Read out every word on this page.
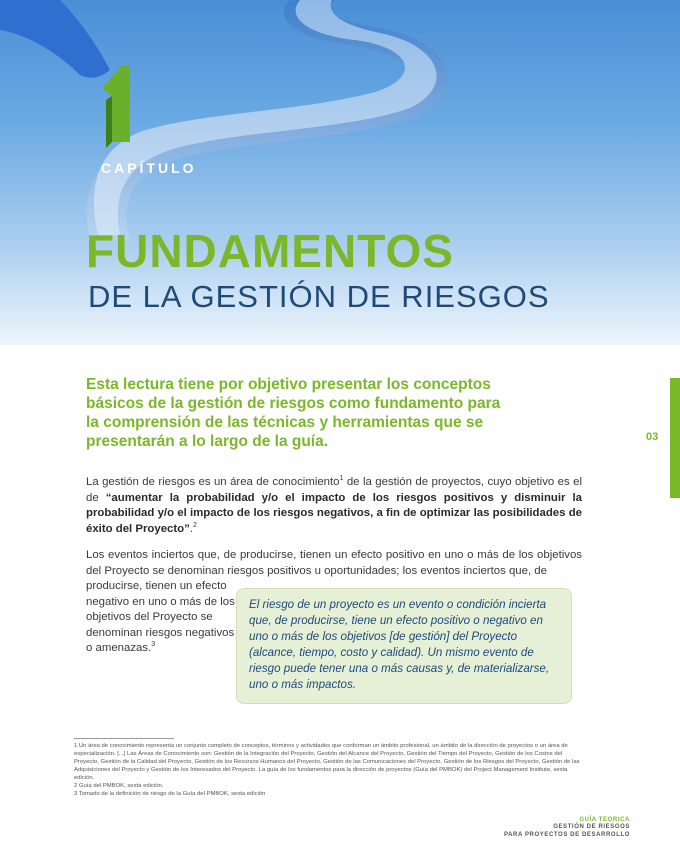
CAPÍTULO
FUNDAMENTOS
DE LA GESTIÓN DE RIESGOS
03
Esta lectura tiene por objetivo presentar los conceptos básicos de la gestión de riesgos como fundamento para la comprensión de las técnicas y herramientas que se presentarán a lo largo de la guía.
La gestión de riesgos es un área de conocimiento$^1$ de la gestión de proyectos, cuyo objetivo es el de “aumentar la probabilidad y/o el impacto de los riesgos positivos y disminuir la probabilidad y/o el impacto de los riesgos negativos, a fin de optimizar las posibilidades de éxito del Proyecto”.$^2$
Los eventos inciertos que, de producirse, tienen un efecto positivo en uno o más de los objetivos del Proyecto se denominan riesgos positivos u oportunidades; los eventos inciertos que, de
producirse, tienen un efecto negativo en uno o más de los objetivos del Proyecto se denominan riesgos negativos o amenazas.$^3$
El riesgo de un proyecto es un evento o condición incierta que, de producirse, tiene un efecto positivo o negativo en uno o más de los objetivos [de gestión] del Proyecto (alcance, tiempo, costo y calidad). Un mismo evento de riesgo puede tener una o más causas y, de materializarse, uno o más impactos.
1 Un área de conocimiento representa un conjunto completo de conceptos, términos y actividades que conforman un ámbito profesional, un ámbito de la dirección de proyectos o un área de especialización. [...] Las Áreas de Conocimiento son: Gestión de la Integración del Proyecto, Gestión del Alcance del Proyecto, Gestión del Tiempo del Proyecto, Gestión de los Costos del Proyecto, Gestión de la Calidad del Proyecto, Gestión de los Recursos Humanos del Proyecto, Gestión de las Comunicaciones del Proyecto, Gestión de los Riesgos del Proyecto, Gestión de las Adquisiciones del Proyecto y Gestión de los Interesados del Proyecto. La guía de los fundamentos para la dirección de proyectos (Guía del PMBOK) del Project Management Institute, sexta edición.
2 Guía del PMBOK, sexta edición.
3 Tomado de la definición de riesgo de la Guía del PMBOK, sexta edición
GUÍA TEORICA
GESTIÓN DE RIESGOS
PARA PROYECTOS DE DESARROLLO
